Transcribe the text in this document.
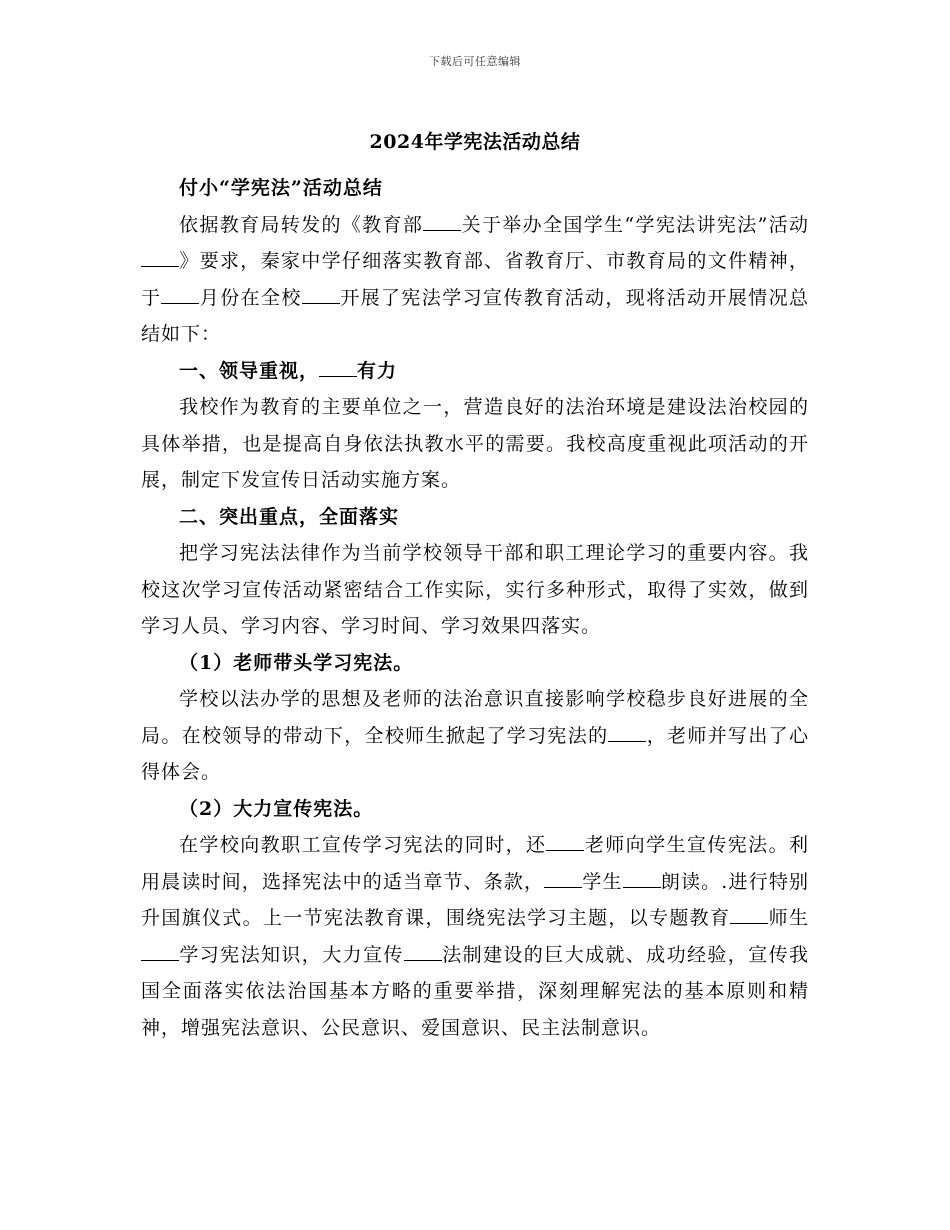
下载后可任意编辑
2024年学宪法活动总结

付小“学宪法”活动总结

依据教育局转发的《教育部 关于举办全国学生“学宪法讲宪法”活动》要求，秦家中学仔细落实教育部、省教育厅、市教育局的文件精神，于 月份在全校 开展了宪法学习宣传教育活动，现将活动开展情况总结如下：

一、领导重视， 有力

我校作为教育的主要单位之一，营造良好的法治环境是建设法治校园的具体举措，也是提高自身依法执教水平的需要。我校高度重视此项活动的开展，制定下发宣传日活动实施方案。

二、突出重点，全面落实

把学习宪法法律作为当前学校领导干部和职工理论学习的重要内容。我校这次学习宣传活动紧密结合工作实际，实行多种形式，取得了实效，做到学习人员、学习内容、学习时间、学习效果四落实。

（1）老师带头学习宪法。

学校以法办学的思想及老师的法治意识直接影响学校稳步良好进展的全局。在校领导的带动下，全校师生掀起了学习宪法的 ，老师并写出了心得体会。

（2）大力宣传宪法。

在学校向教职工宣传学习宪法的同时，还 老师向学生宣传宪法。利用晨读时间，选择宪法中的适当章节、条款， 学生 朗读。.进行特别升国旗仪式。上一节宪法教育课，围绕宪法学习主题，以专题教育 师生学习宪法知识，大力宣传 法制建设的巨大成就、成功经验，宣传我国全面落实依法治国基本方略的重要举措，深刻理解宪法的基本原则和精神，增强宪法意识、公民意识、爱国意识、民主法制意识。
